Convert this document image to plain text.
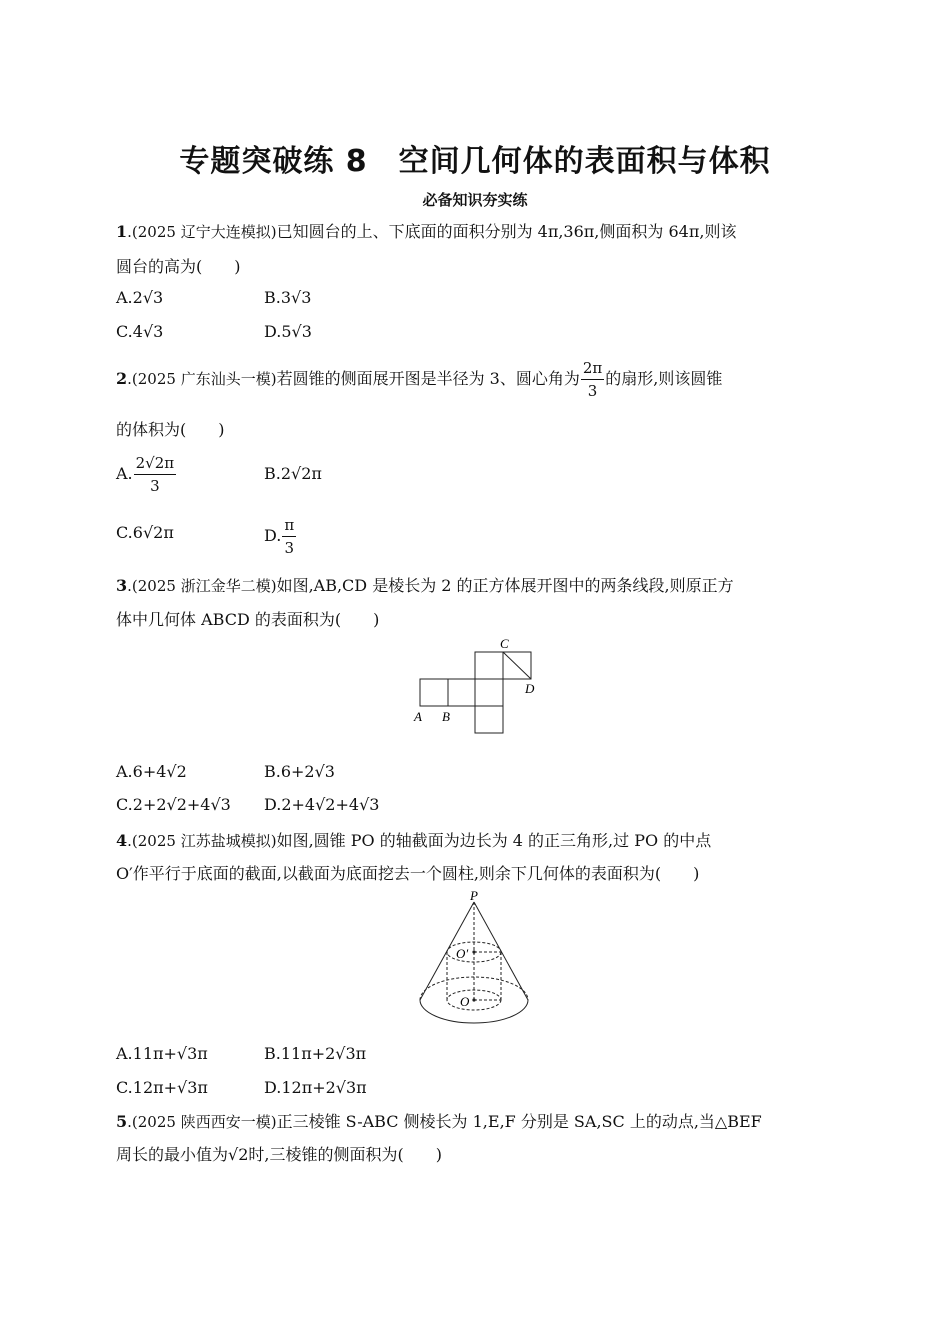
专题突破练 8　空间几何体的表面积与体积
必备知识夯实练
1.(2025 辽宁大连模拟)已知圆台的上、下底面的面积分别为 4π,36π,侧面积为 64π,则该
圆台的高为(　　)
A.2√3	B.3√3
C.4√3	D.5√3
2.(2025 广东汕头一模)若圆锥的侧面展开图是半径为 3、圆心角为 $\frac{2\pi}{3}$ 的扇形,则该圆锥
的体积为(　　)
A. $\frac{2√2\pi}{3}$	B.2√2π
C.6√2π	D. $\frac{\pi}{3}$
3.(2025 浙江金华二模)如图,AB,CD 是棱长为 2 的正方体展开图中的两条线段,则原正方
体中几何体 ABCD 的表面积为(　　)
A B
C
D
A.6+4√2	B.6+2√3
C.2+2√2+4√3 D.2+4√2+4√3
4.(2025 江苏盐城模拟)如图,圆锥 PO 的轴截面为边长为 4 的正三角形,过 PO 的中点
O′作平行于底面的截面,以截面为底面挖去一个圆柱,则余下几何体的表面积为(　　)
P
O′
O
A.11π+√3π	B.11π+2√3π
C.12π+√3π	D.12π+2√3π
5.(2025 陕西西安一模)正三棱锥 S-ABC 侧棱长为 1,E,F 分别是 SA,SC 上的动点,当△BEF
周长的最小值为√2时,三棱锥的侧面积为(　　)
